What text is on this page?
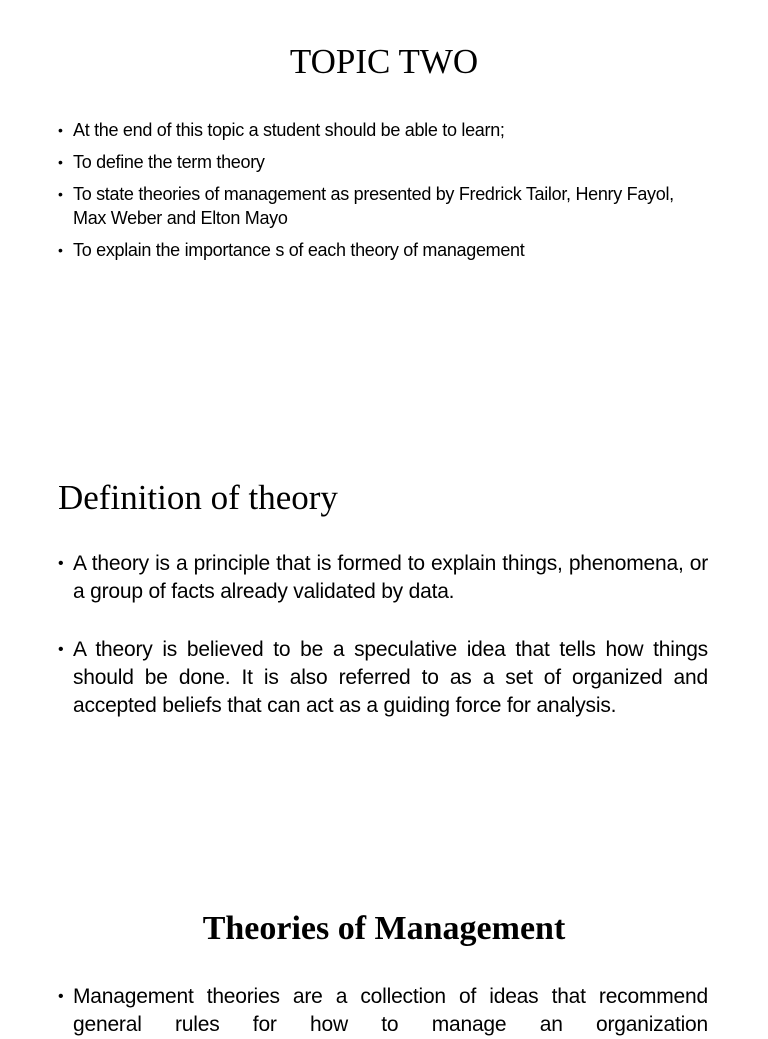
TOPIC TWO
• At the end of this topic a student should be able to learn;
• To define the term theory
• To state theories of management as presented by Fredrick Tailor, Henry Fayol, Max Weber and Elton Mayo
• To explain the importance s of each theory of management
Definition of theory
• A theory is a principle that is formed to explain things, phenomena, or a group of facts already validated by data.
• A theory is believed to be a speculative idea that tells how things should be done. It is also referred to as a set of organized and accepted beliefs that can act as a guiding force for analysis.
Theories of Management
• Management theories are a collection of ideas that recommend general rules for how to manage an organization
